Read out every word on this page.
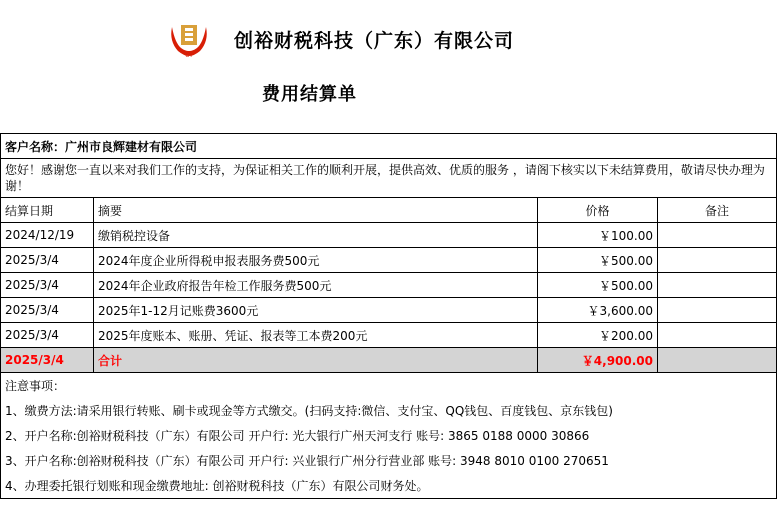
CY
创裕财税科技（广东）有限公司
费用结算单
客户名称：广州市良辉建材有限公司			
您好！感谢您一直以来对我们工作的支持，为保证相关工作的顺利开展，提供高效、优质的服务 ，请阁下核实以下未结算费用，敬请尽快办理为谢！			
结算日期	摘要	价格	备注
2024/12/19	缴销税控设备	￥100.00	
2025/3/4	2024年度企业所得税申报表服务费500元	￥500.00	
2025/3/4	2024年企业政府报告年检工作服务费500元	￥500.00	
2025/3/4	2025年1-12月记账费3600元	￥3,600.00	
2025/3/4	2025年度账本、账册、凭证、报表等工本费200元	￥200.00	
2025/3/4	合计	￥4,900.00	
注意事项：			
1、缴费方法:请采用银行转账、刷卡或现金等方式缴交。(扫码支持:微信、支付宝、QQ钱包、百度钱包、京东钱包)			
2、开户名称:创裕财税科技（广东）有限公司 开户行: 光大银行广州天河支行 账号: 3865 0188 0000 30866			
3、开户名称:创裕财税科技（广东）有限公司 开户行: 兴业银行广州分行营业部 账号: 3948 8010 0100 270651			
4、办理委托银行划账和现金缴费地址: 创裕财税科技（广东）有限公司财务处。			
